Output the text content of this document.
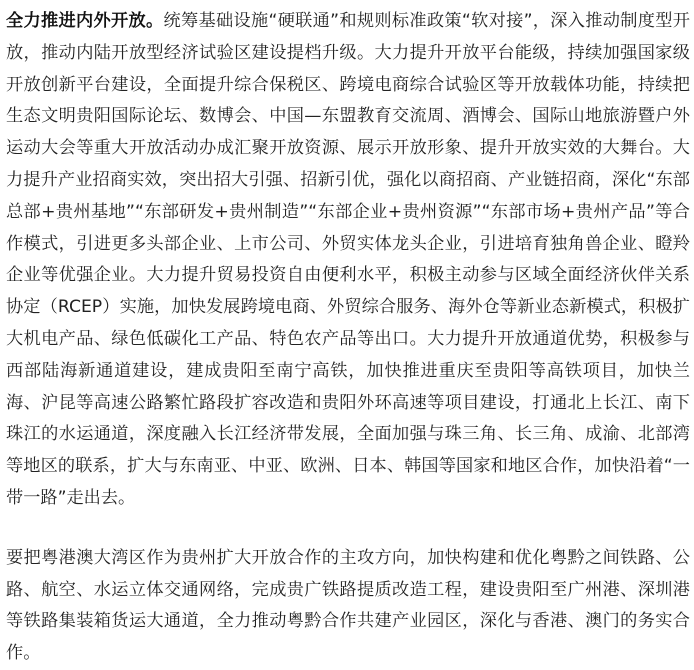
全力推进内外开放。统筹基础设施“硬联通”和规则标准政策“软对接”，深入推动制度型开放，推动内陆开放型经济试验区建设提档升级。大力提升开放平台能级，持续加强国家级开放创新平台建设，全面提升综合保税区、跨境电商综合试验区等开放载体功能，持续把生态文明贵阳国际论坛、数博会、中国—东盟教育交流周、酒博会、国际山地旅游暨户外运动大会等重大开放活动办成汇聚开放资源、展示开放形象、提升开放实效的大舞台。大力提升产业招商实效，突出招大引强、招新引优，强化以商招商、产业链招商，深化“东部总部+贵州基地”“东部研发+贵州制造”“东部企业+贵州资源”“东部市场+贵州产品”等合作模式，引进更多头部企业、上市公司、外贸实体龙头企业，引进培育独角兽企业、瞪羚企业等优强企业。大力提升贸易投资自由便利水平，积极主动参与区域全面经济伙伴关系协定（RCEP）实施，加快发展跨境电商、外贸综合服务、海外仓等新业态新模式，积极扩大机电产品、绿色低碳化工产品、特色农产品等出口。大力提升开放通道优势，积极参与西部陆海新通道建设，建成贵阳至南宁高铁，加快推进重庆至贵阳等高铁项目，加快兰海、沪昆等高速公路繁忙路段扩容改造和贵阳外环高速等项目建设，打通北上长江、南下珠江的水运通道，深度融入长江经济带发展，全面加强与珠三角、长三角、成渝、北部湾等地区的联系，扩大与东南亚、中亚、欧洲、日本、韩国等国家和地区合作，加快沿着“一带一路”走出去。

要把粤港澳大湾区作为贵州扩大开放合作的主攻方向，加快构建和优化粤黔之间铁路、公路、航空、水运立体交通网络，完成贵广铁路提质改造工程，建设贵阳至广州港、深圳港等铁路集装箱货运大通道，全力推动粤黔合作共建产业园区，深化与香港、澳门的务实合作。
